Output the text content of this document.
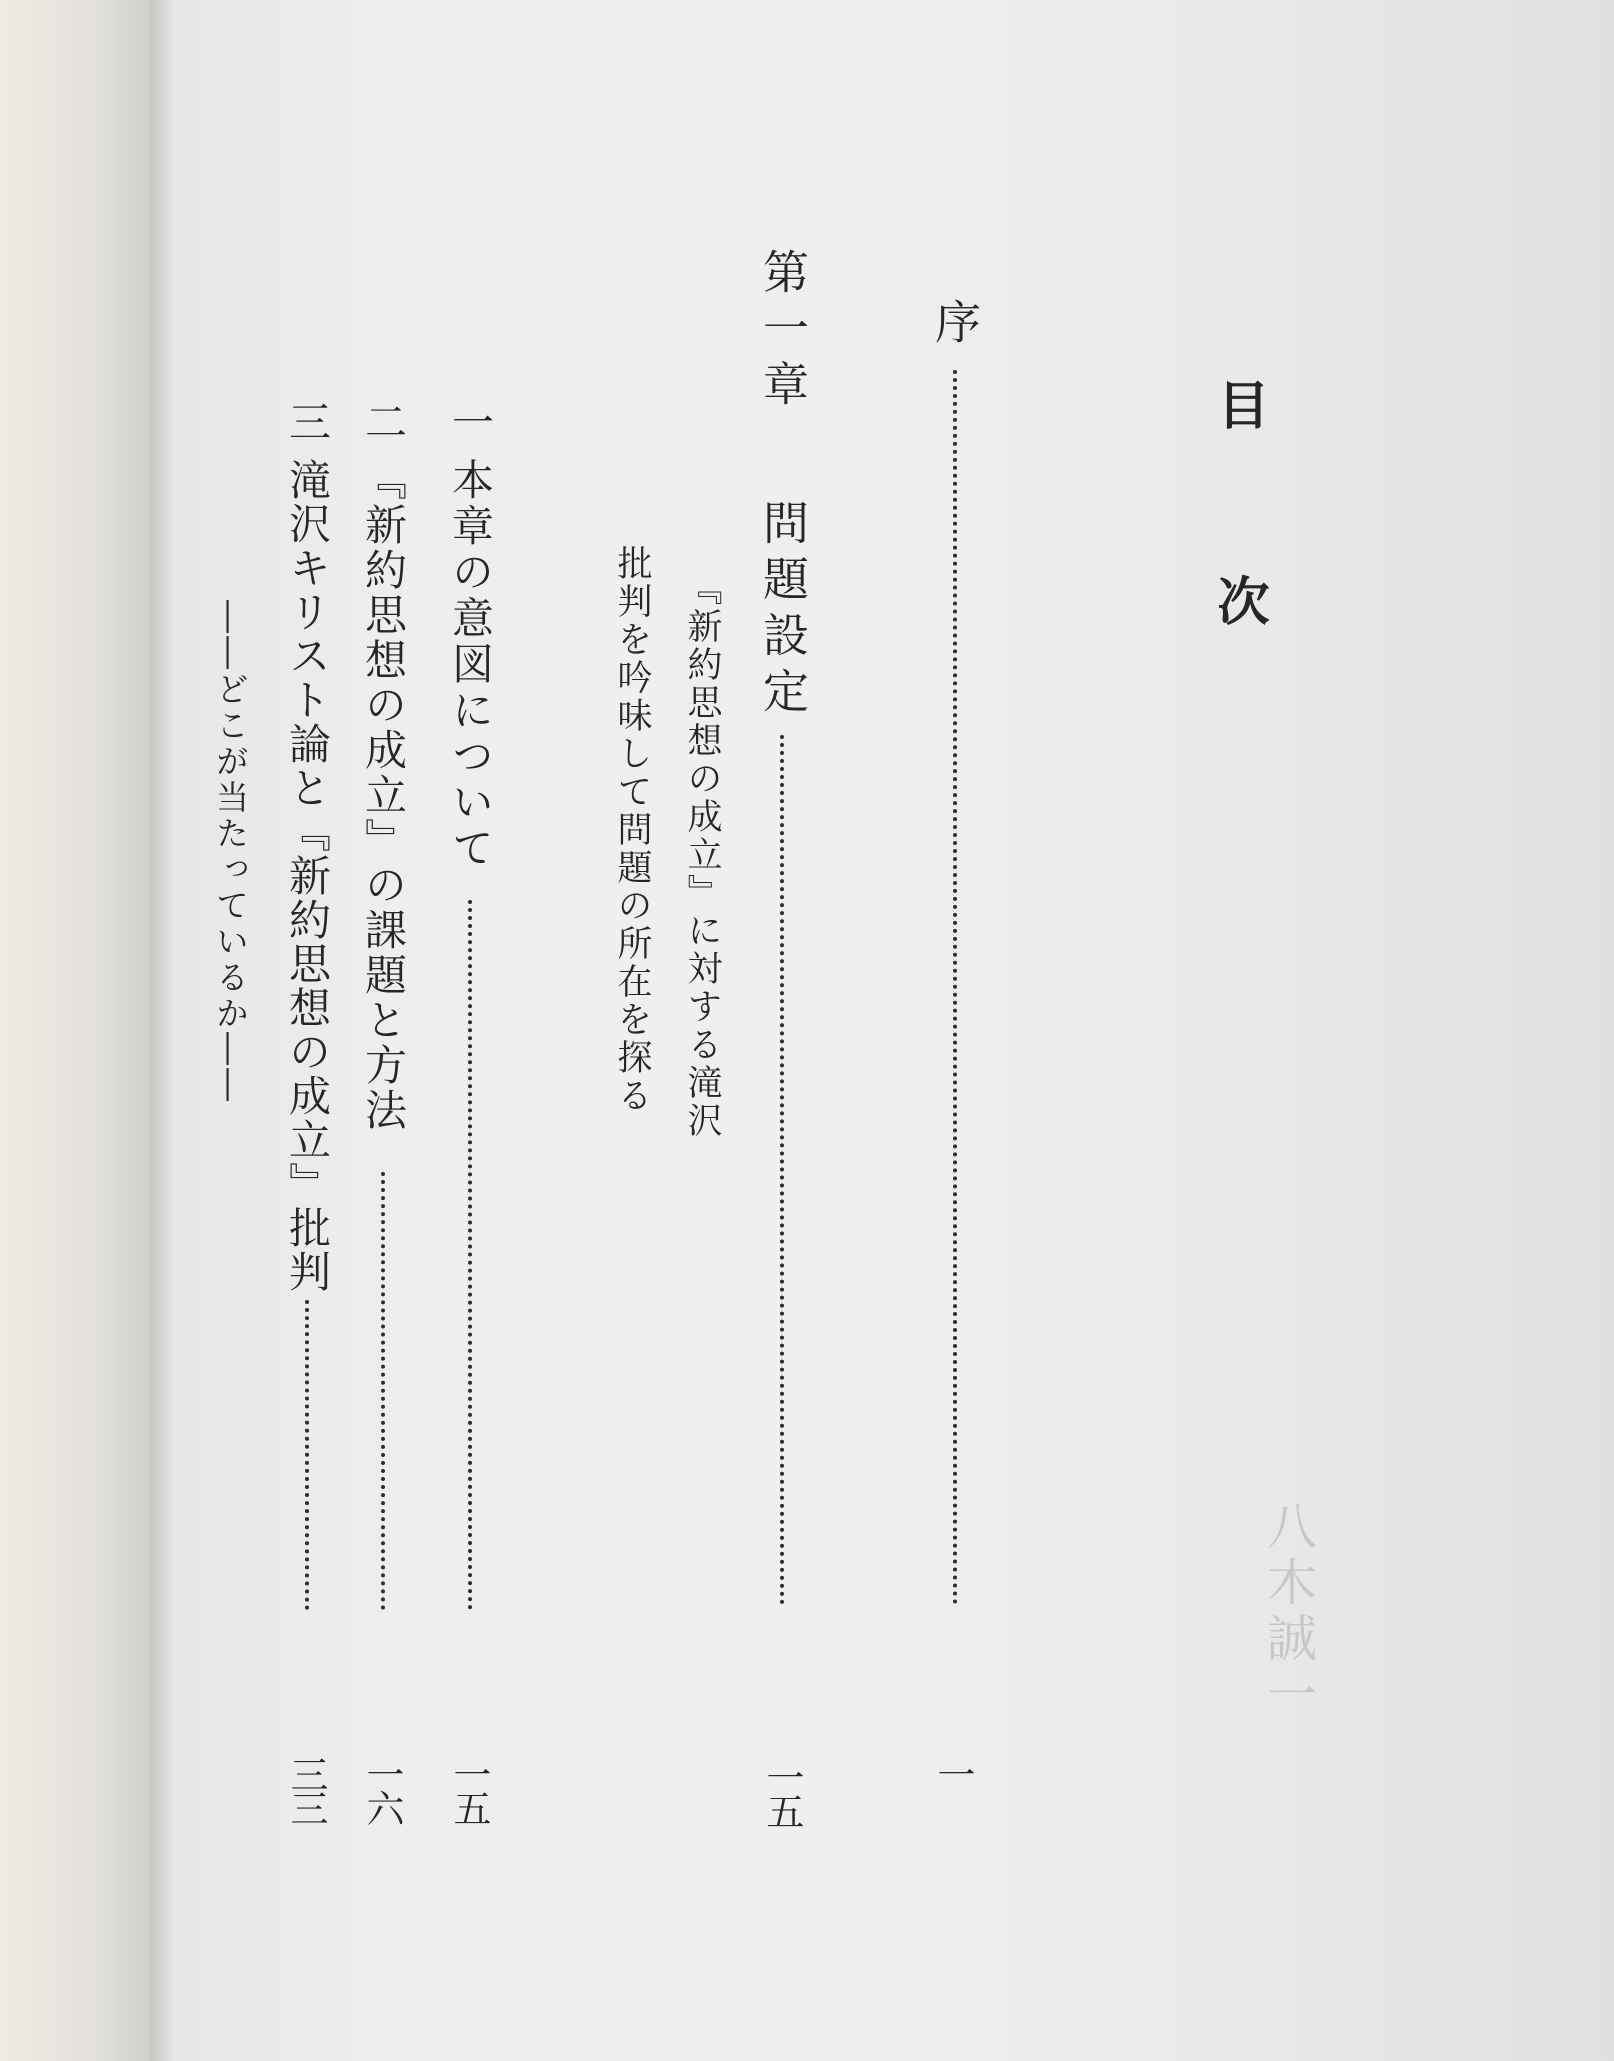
八木誠一
目  次
序
一
第一章  問題設定
一五
『新約思想の成立』に対する滝沢
批判を吟味して問題の所在を探る
一
本章の意図について
一五
二
『新約思想の成立』の課題と方法
一六
三
滝沢キリスト論と『新約思想の成立』批判
三三
――どこが当たっているか――
